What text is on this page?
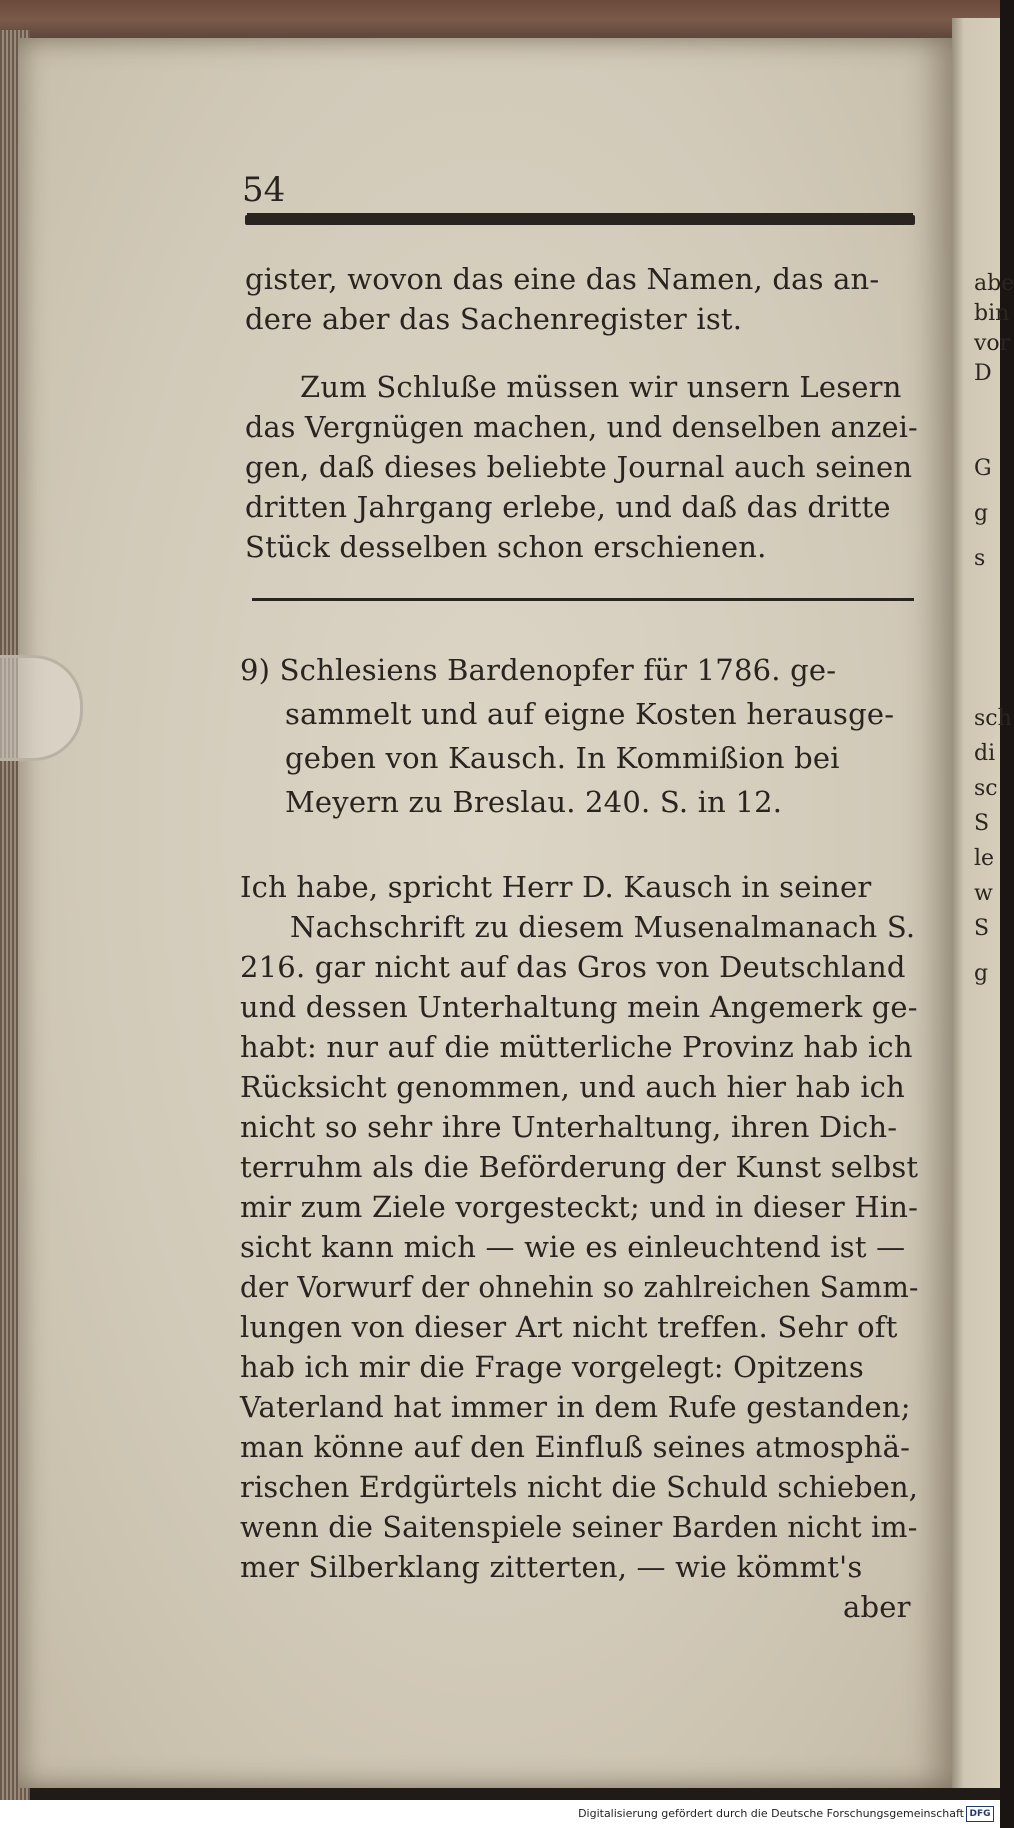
abe
bin
vor
D
G
g
s
sch
di
sc
S
le
w
S
g
54
gister, wovon das eine das Namen, das an-
dere aber das Sachenregister ist.
Zum Schluße müssen wir unsern Lesern
das Vergnügen machen, und denselben anzei-
gen, daß dieses beliebte Journal auch seinen
dritten Jahrgang erlebe, und daß das dritte
Stück desselben schon erschienen.
9) Schlesiens Bardenopfer für 1786. ge-
sammelt und auf eigne Kosten herausge-
geben von Kausch. In Kommißion bei
Meyern zu Breslau. 240. S. in 12.
Ich habe, spricht Herr D. Kausch in seiner
Nachschrift zu diesem Musenalmanach S.
216. gar nicht auf das Gros von Deutschland
und dessen Unterhaltung mein Angemerk ge-
habt: nur auf die mütterliche Provinz hab ich
Rücksicht genommen, und auch hier hab ich
nicht so sehr ihre Unterhaltung, ihren Dich-
terruhm als die Beförderung der Kunst selbst
mir zum Ziele vorgesteckt; und in dieser Hin-
sicht kann mich — wie es einleuchtend ist —
der Vorwurf der ohnehin so zahlreichen Samm-
lungen von dieser Art nicht treffen. Sehr oft
hab ich mir die Frage vorgelegt: Opitzens
Vaterland hat immer in dem Rufe gestanden;
man könne auf den Einfluß seines atmosphä-
rischen Erdgürtels nicht die Schuld schieben,
wenn die Saitenspiele seiner Barden nicht im-
mer Silberklang zitterten, — wie kömmt's
aber
Digitalisierung gefördert durch die Deutsche Forschungsgemeinschaft DFG
